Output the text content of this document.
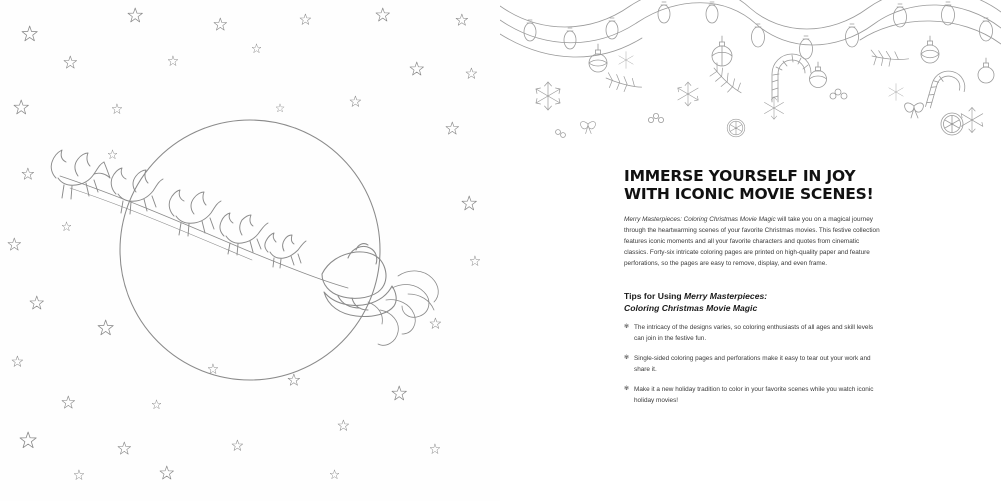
IMMERSE YOURSELF IN JOY
WITH ICONIC MOVIE SCENES!

Merry Masterpieces: Coloring Christmas Movie Magic will take you on a magical journey through the heartwarming scenes of your favorite Christmas movies. This festive collection features iconic moments and all your favorite characters and quotes from cinematic classics. Forty-six intricate coloring pages are printed on high-quality paper and feature perforations, so the pages are easy to remove, display, and even frame.

Tips for Using Merry Masterpieces:
Coloring Christmas Movie Magic
✾ The intricacy of the designs varies, so coloring enthusiasts of all ages and skill levels can join in the festive fun.
✾ Single-sided coloring pages and perforations make it easy to tear out your work and share it.
✾ Make it a new holiday tradition to color in your favorite scenes while you watch iconic holiday movies!
